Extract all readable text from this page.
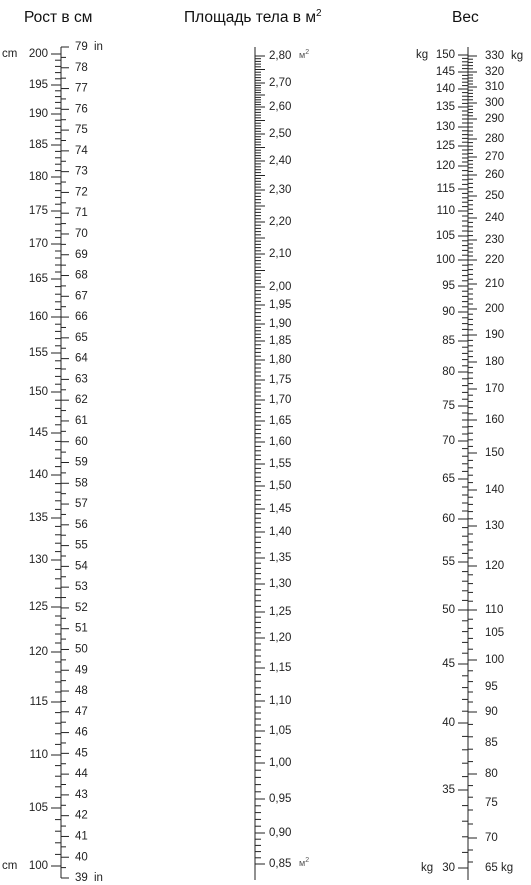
Рост в см	Площадь тела в $м^2$	Вес
200
195
190
185
180
175
170
165
160
155
150
145
140
135
130
125
120
115
110
105
100
cm
cm
79
78
77
76
75
74
73
72
71
70
69
68
67
66
65
64
63
62
61
60
59
58
57
56
55
54
53
52
51
50
49
48
47
46
45
44
43
42
41
40
39
in
in
2,80
2,70
2,60
2,50
2,40
2,30
2,20
2,10
2,00
1,95
1,90
1,85
1,80
1,75
1,70
1,65
1,60
1,55
1,50
1,45
1,40
1,35
1,30
1,25
1,20
1,15
1,10
1,05
1,00
0,95
0,90
0,85
$м^2$
$м^2$
150
145
140
135
130
125
120
115
110
105
100
95
90
85
80
75
70
65
60
55
50
45
40
35
30
kg
kg
330
320
310
300
290
280
270
260
250
240
230
220
210
200
190
180
170
160
150
140
130
120
110
105
100
95
90
85
80
75
70
65
kg
kg
